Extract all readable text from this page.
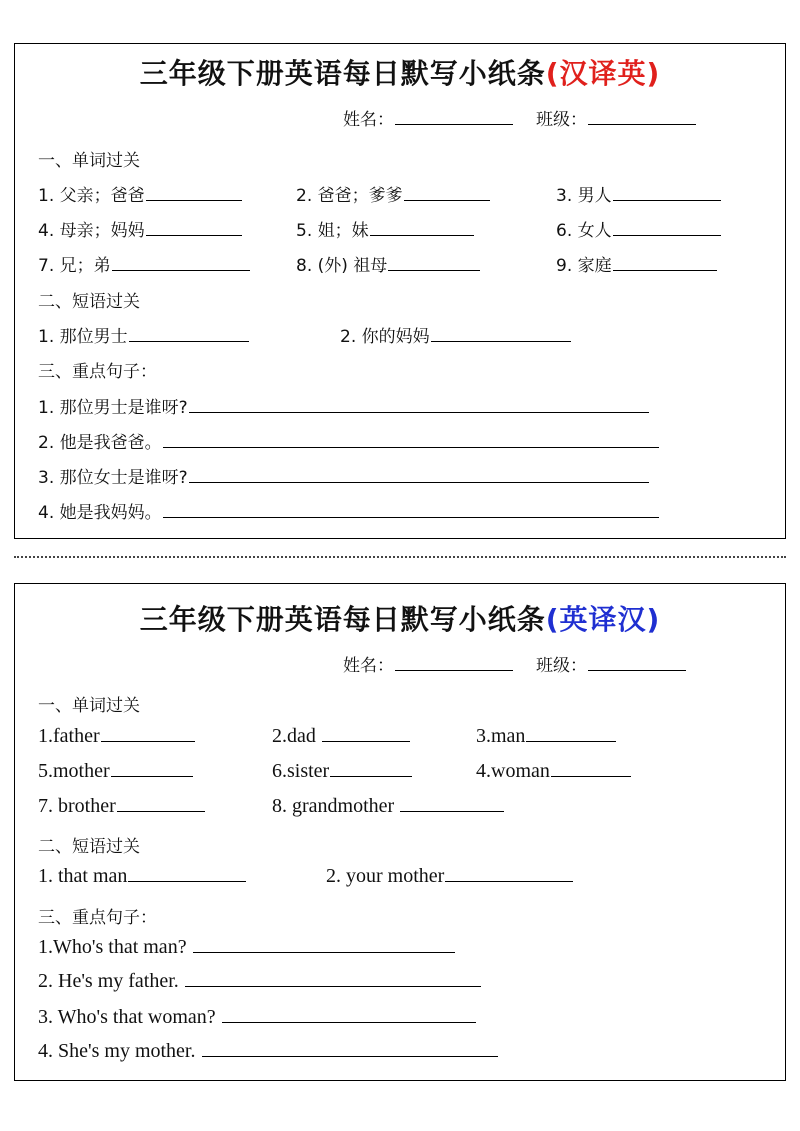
三年级下册英语每日默写小纸条(汉译英)
姓名：	班级：
一、单词过关
1. 父亲；爸爸	2. 爸爸；爹爹	3. 男人
4. 母亲；妈妈	5. 姐；妹	6. 女人
7. 兄；弟	8. (外) 祖母	9. 家庭
二、短语过关
1. 那位男士	2. 你的妈妈
三、重点句子：
1. 那位男士是谁呀?
2. 他是我爸爸。
3. 那位女士是谁呀?
4. 她是我妈妈。
三年级下册英语每日默写小纸条(英译汉)
姓名：	班级：
一、单词过关
1.father	2.dad	3.man
5.mother	6.sister	4.woman
7. brother	8. grandmother
二、短语过关
1. that man	2. your mother
三、重点句子：
1.Who's that man?
2. He's my father.
3. Who's that woman?
4. She's my mother.
